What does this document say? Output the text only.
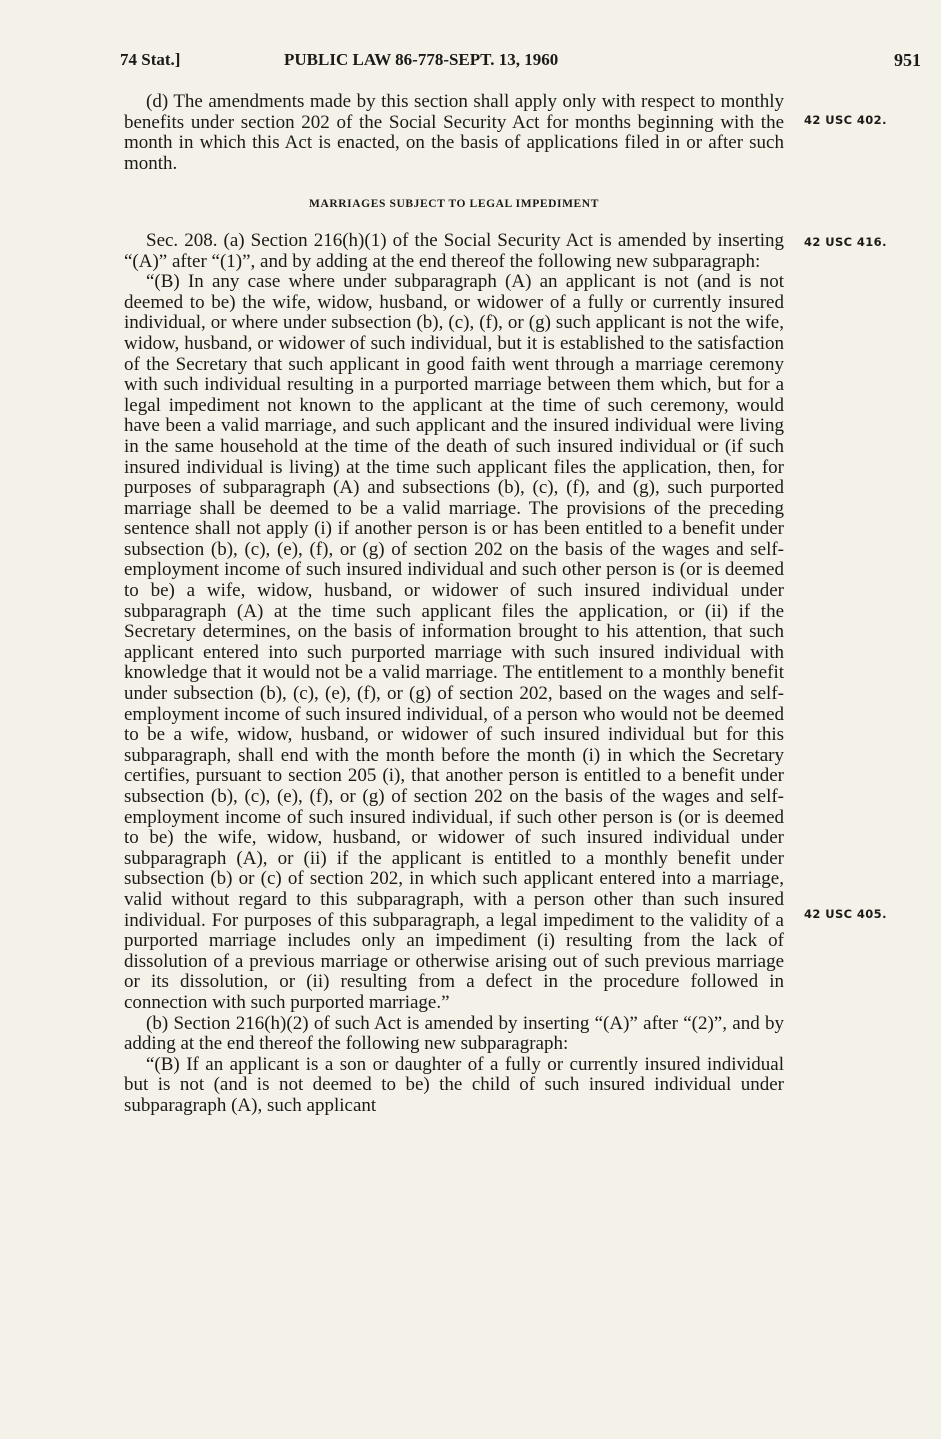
74 Stat.]	PUBLIC LAW 86-778-SEPT. 13, 1960	951

(d) The amendments made by this section shall apply only with respect to monthly benefits under section 202 of the Social Security Act for months beginning with the month in which this Act is enacted, on the basis of applications filed in or after such month.

MARRIAGES SUBJECT TO LEGAL IMPEDIMENT

Sec. 208. (a) Section 216(h)(1) of the Social Security Act is amended by inserting “(A)” after “(1)”, and by adding at the end thereof the following new subparagraph:

“(B) In any case where under subparagraph (A) an applicant is not (and is not deemed to be) the wife, widow, husband, or widower of a fully or currently insured individual, or where under subsection (b), (c), (f), or (g) such applicant is not the wife, widow, husband, or widower of such individual, but it is established to the satisfaction of the Secretary that such applicant in good faith went through a marriage ceremony with such individual resulting in a purported marriage between them which, but for a legal impediment not known to the applicant at the time of such ceremony, would have been a valid marriage, and such applicant and the insured individual were living in the same household at the time of the death of such insured individual or (if such insured individual is living) at the time such applicant files the application, then, for purposes of subparagraph (A) and subsections (b), (c), (f), and (g), such purported marriage shall be deemed to be a valid marriage. The provisions of the preceding sentence shall not apply (i) if another person is or has been entitled to a benefit under subsection (b), (c), (e), (f), or (g) of section 202 on the basis of the wages and self-employment income of such insured individual and such other person is (or is deemed to be) a wife, widow, husband, or widower of such insured individual under subparagraph (A) at the time such applicant files the application, or (ii) if the Secretary determines, on the basis of information brought to his attention, that such applicant entered into such purported marriage with such insured individual with knowledge that it would not be a valid marriage. The entitlement to a monthly benefit under subsection (b), (c), (e), (f), or (g) of section 202, based on the wages and self-employment income of such insured individual, of a person who would not be deemed to be a wife, widow, husband, or widower of such insured individual but for this subparagraph, shall end with the month before the month (i) in which the Secretary certifies, pursuant to section 205 (i), that another person is entitled to a benefit under subsection (b), (c), (e), (f), or (g) of section 202 on the basis of the wages and self-employment income of such insured individual, if such other person is (or is deemed to be) the wife, widow, husband, or widower of such insured individual under subparagraph (A), or (ii) if the applicant is entitled to a monthly benefit under subsection (b) or (c) of section 202, in which such applicant entered into a marriage, valid without regard to this subparagraph, with a person other than such insured individual. For purposes of this subparagraph, a legal impediment to the validity of a purported marriage includes only an impediment (i) resulting from the lack of dissolution of a previous marriage or otherwise arising out of such previous marriage or its dissolution, or (ii) resulting from a defect in the procedure followed in connection with such purported marriage.”

(b) Section 216(h)(2) of such Act is amended by inserting “(A)” after “(2)”, and by adding at the end thereof the following new subparagraph:

“(B) If an applicant is a son or daughter of a fully or currently insured individual but is not (and is not deemed to be) the child of such insured individual under subparagraph (A), such applicant

42 USC 402.
42 USC 416.
42 USC 405.
